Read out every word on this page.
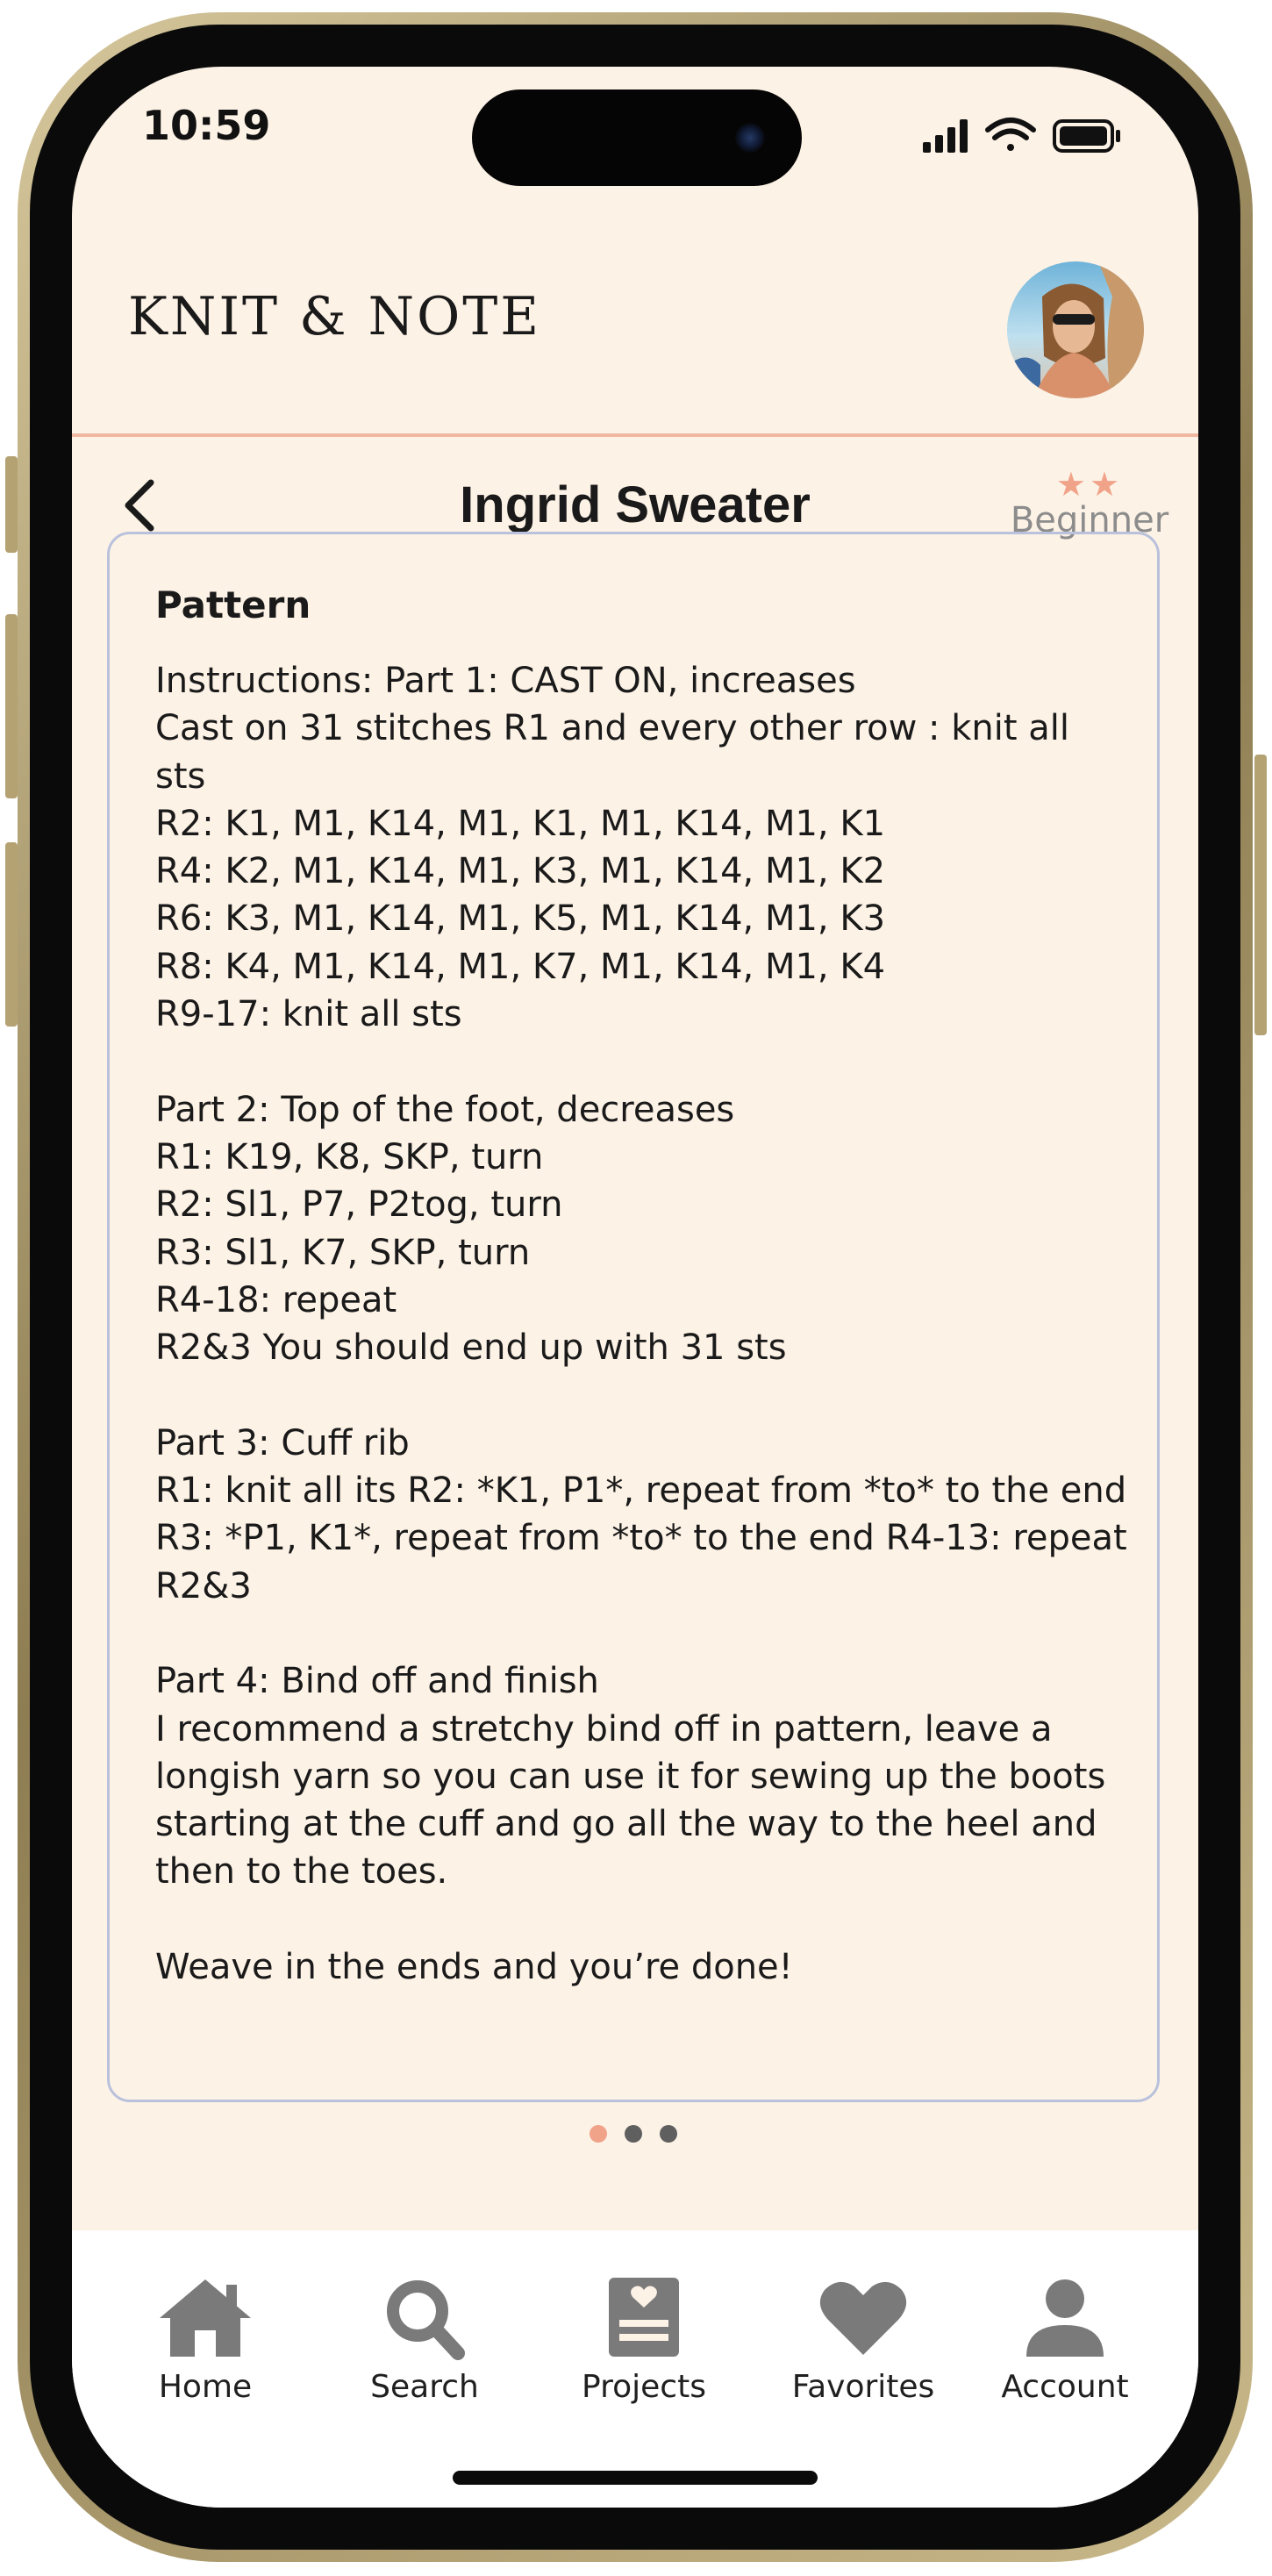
10:59
KNIT & NOTE
Ingrid Sweater	★★
Beginner
Pattern

Instructions: Part 1: CAST ON, increases
Cast on 31 stitches R1 and every other row : knit all sts
R2: K1, M1, K14, M1, K1, M1, K14, M1, K1
R4: K2, M1, K14, M1, K3, M1, K14, M1, K2
R6: K3, M1, K14, M1, K5, M1, K14, M1, K3
R8: K4, M1, K14, M1, K7, M1, K14, M1, K4
R9-17: knit all sts

Part 2: Top of the foot, decreases
R1: K19, K8, SKP, turn
R2: Sl1, P7, P2tog, turn
R3: Sl1, K7, SKP, turn
R4-18: repeat
R2&3 You should end up with 31 sts

Part 3: Cuff rib
R1: knit all its R2: *K1, P1*, repeat from *to* to the end
R3: *P1, K1*, repeat from *to* to the end R4-13: repeat R2&3

Part 4: Bind off and finish
I recommend a stretchy bind off in pattern, leave a longish yarn so you can use it for sewing up the boots starting at the cuff and go all the way to the heel and then to the toes.

Weave in the ends and you’re done!

Home	Search	Projects	Favorites	Account
